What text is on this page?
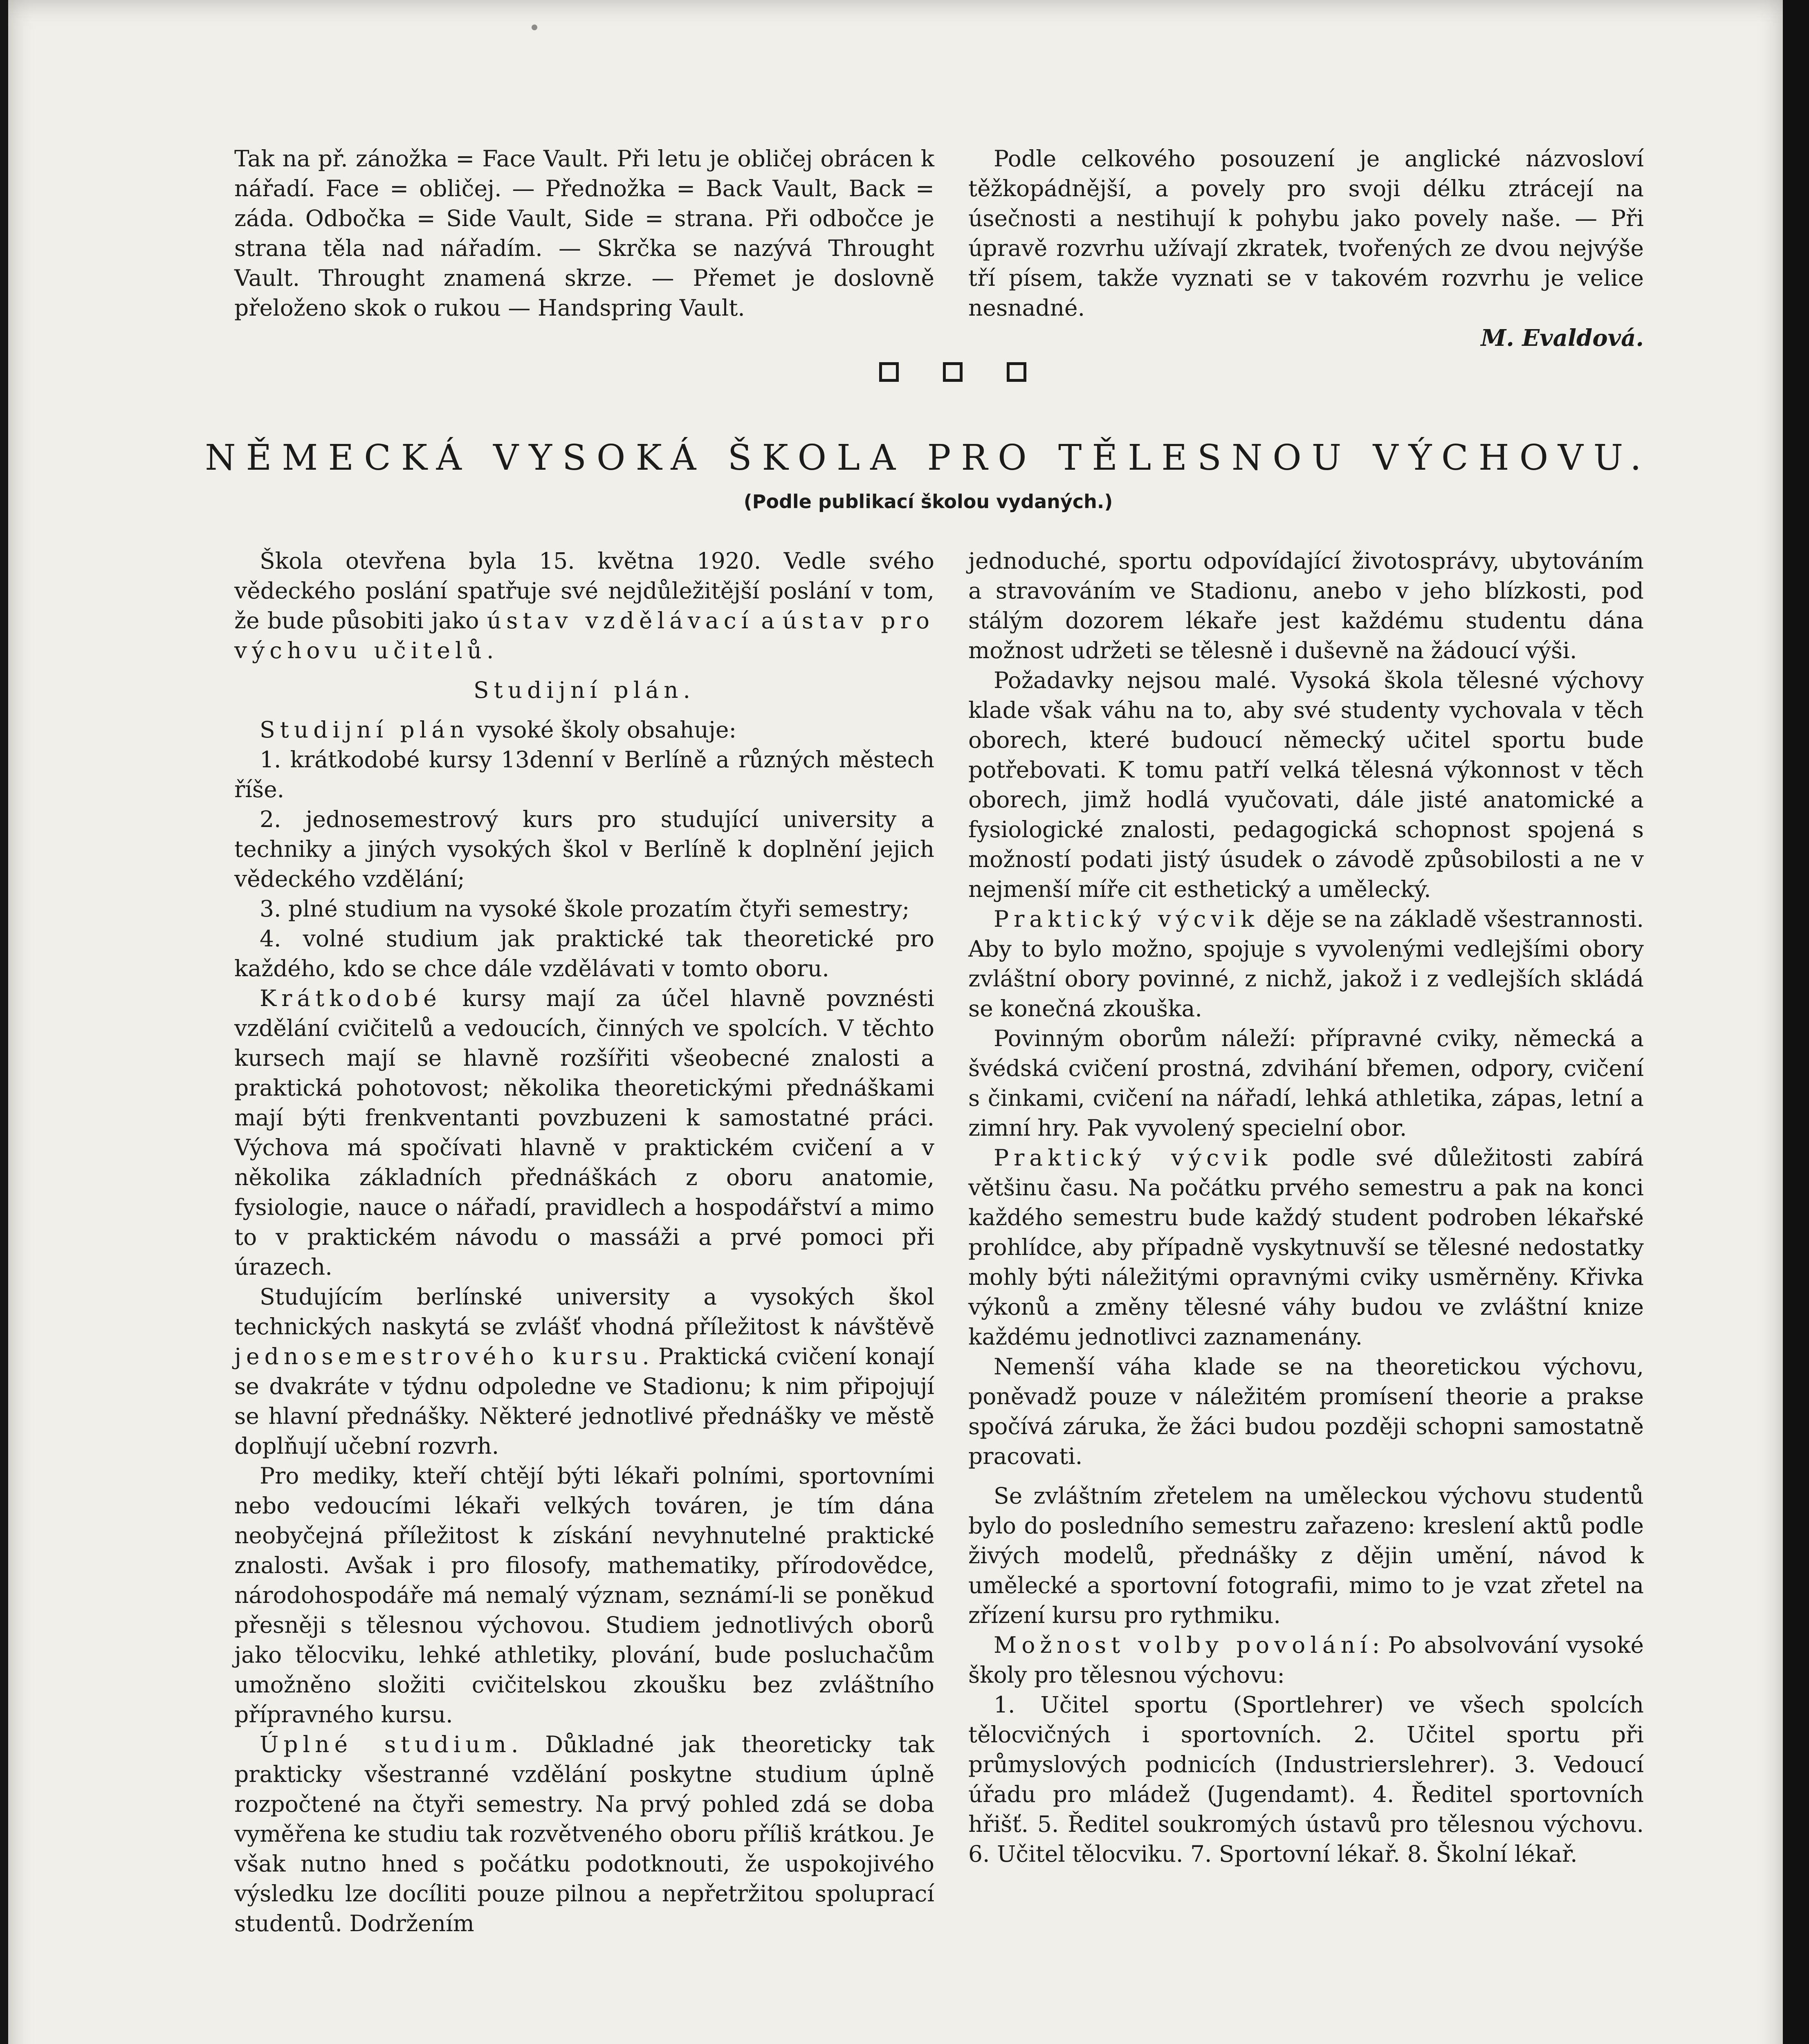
Tak na př. zánožka = Face Vault. Při letu je obličej obrácen k nářadí. Face = obličej. — Přednožka = Back Vault, Back = záda. Odbočka = Side Vault, Side = strana. Při odbočce je strana těla nad nářadím. — Skrčka se nazývá Throught Vault. Throught znamená skrze. — Přemet je doslovně přeloženo skok o rukou — Handspring Vault.

Podle celkového posouzení je anglické názvosloví těžkopádnější, a povely pro svoji délku ztrácejí na úsečnosti a nestihují k pohybu jako povely naše. — Při úpravě rozvrhu užívají zkratek, tvořených ze dvou nejvýše tří písem, takže vyznati se v takovém rozvrhu je velice nesnadné.

M. Evaldová.

NĚMECKÁ VYSOKÁ ŠKOLA PRO TĚLESNOU VÝCHOVU.

(Podle publikací školou vydaných.)

Škola otevřena byla 15. května 1920. Vedle svého vědeckého poslání spatřuje své nejdůležitější poslání v tom, že bude působiti jako ústav vzdělávací a ústav pro výchovu učitelů.

Studijní plán.

Studijní plán vysoké školy obsahuje:

1. krátkodobé kursy 13denní v Berlíně a různých městech říše.

2. jednosemestrový kurs pro studující university a techniky a jiných vysokých škol v Berlíně k doplnění jejich vědeckého vzdělání;

3. plné studium na vysoké škole prozatím čtyři semestry;

4. volné studium jak praktické tak theoretické pro každého, kdo se chce dále vzdělávati v tomto oboru.

Krátkodobé kursy mají za účel hlavně povznésti vzdělání cvičitelů a vedoucích, činných ve spolcích. V těchto kursech mají se hlavně rozšířiti všeobecné znalosti a praktická pohotovost; několika theoretickými přednáškami mají býti frenkventanti povzbuzeni k samostatné práci. Výchova má spočívati hlavně v praktickém cvičení a v několika základních přednáškách z oboru anatomie, fysiologie, nauce o nářadí, pravidlech a hospodářství a mimo to v praktickém návodu o massáži a prvé pomoci při úrazech.

Studujícím berlínské university a vysokých škol technických naskytá se zvlášť vhodná příležitost k návštěvě jednosemestrového kursu. Praktická cvičení konají se dvakráte v týdnu odpoledne ve Stadionu; k nim připojují se hlavní přednášky. Některé jednotlivé přednášky ve městě doplňují učební rozvrh.

Pro mediky, kteří chtějí býti lékaři polními, sportovními nebo vedoucími lékaři velkých továren, je tím dána neobyčejná příležitost k získání nevyhnutelné praktické znalosti. Avšak i pro filosofy, mathematiky, přírodovědce, národohospodáře má nemalý význam, seznámí-li se poněkud přesněji s tělesnou výchovou. Studiem jednotlivých oborů jako tělocviku, lehké athletiky, plování, bude posluchačům umožněno složiti cvičitelskou zkoušku bez zvláštního přípravného kursu.

Úplné studium. Důkladné jak theoreticky tak prakticky všestranné vzdělání poskytne studium úplně rozpočtené na čtyři semestry. Na prvý pohled zdá se doba vyměřena ke studiu tak rozvětveného oboru příliš krátkou. Je však nutno hned s počátku podotknouti, že uspokojivého výsledku lze docíliti pouze pilnou a nepřetržitou spoluprací studentů. Dodržením

jednoduché, sportu odpovídající životosprávy, ubytováním a stravováním ve Stadionu, anebo v jeho blízkosti, pod stálým dozorem lékaře jest každému studentu dána možnost udržeti se tělesně i duševně na žádoucí výši.

Požadavky nejsou malé. Vysoká škola tělesné výchovy klade však váhu na to, aby své studenty vychovala v těch oborech, které budoucí německý učitel sportu bude potřebovati. K tomu patří velká tělesná výkonnost v těch oborech, jimž hodlá vyučovati, dále jisté anatomické a fysiologické znalosti, pedagogická schopnost spojená s možností podati jistý úsudek o závodě způsobilosti a ne v nejmenší míře cit esthetický a umělecký.

Praktický výcvik děje se na základě všestrannosti. Aby to bylo možno, spojuje s vyvolenými vedlejšími obory zvláštní obory povinné, z nichž, jakož i z vedlejších skládá se konečná zkouška.

Povinným oborům náleží: přípravné cviky, německá a švédská cvičení prostná, zdvihání břemen, odpory, cvičení s činkami, cvičení na nářadí, lehká athletika, zápas, letní a zimní hry. Pak vyvolený specielní obor.

Praktický výcvik podle své důležitosti zabírá většinu času. Na počátku prvého semestru a pak na konci každého semestru bude každý student podroben lékařské prohlídce, aby případně vyskytnuvší se tělesné nedostatky mohly býti náležitými opravnými cviky usměrněny. Křivka výkonů a změny tělesné váhy budou ve zvláštní knize každému jednotlivci zaznamenány.

Nemenší váha klade se na theoretickou výchovu, poněvadž pouze v náležitém promísení theorie a prakse spočívá záruka, že žáci budou později schopni samostatně pracovati.

Se zvláštním zřetelem na uměleckou výchovu studentů bylo do posledního semestru zařazeno: kreslení aktů podle živých modelů, přednášky z dějin umění, návod k umělecké a sportovní fotografii, mimo to je vzat zřetel na zřízení kursu pro rythmiku.

Možnost volby povolání: Po absolvování vysoké školy pro tělesnou výchovu:

1. Učitel sportu (Sportlehrer) ve všech spolcích tělocvičných i sportovních. 2. Učitel sportu při průmyslových podnicích (Industrierslehrer). 3. Vedoucí úřadu pro mládež (Jugendamt). 4. Ředitel sportovních hřišť. 5. Ředitel soukromých ústavů pro tělesnou výchovu. 6. Učitel tělocviku. 7. Sportovní lékař. 8. Školní lékař.
